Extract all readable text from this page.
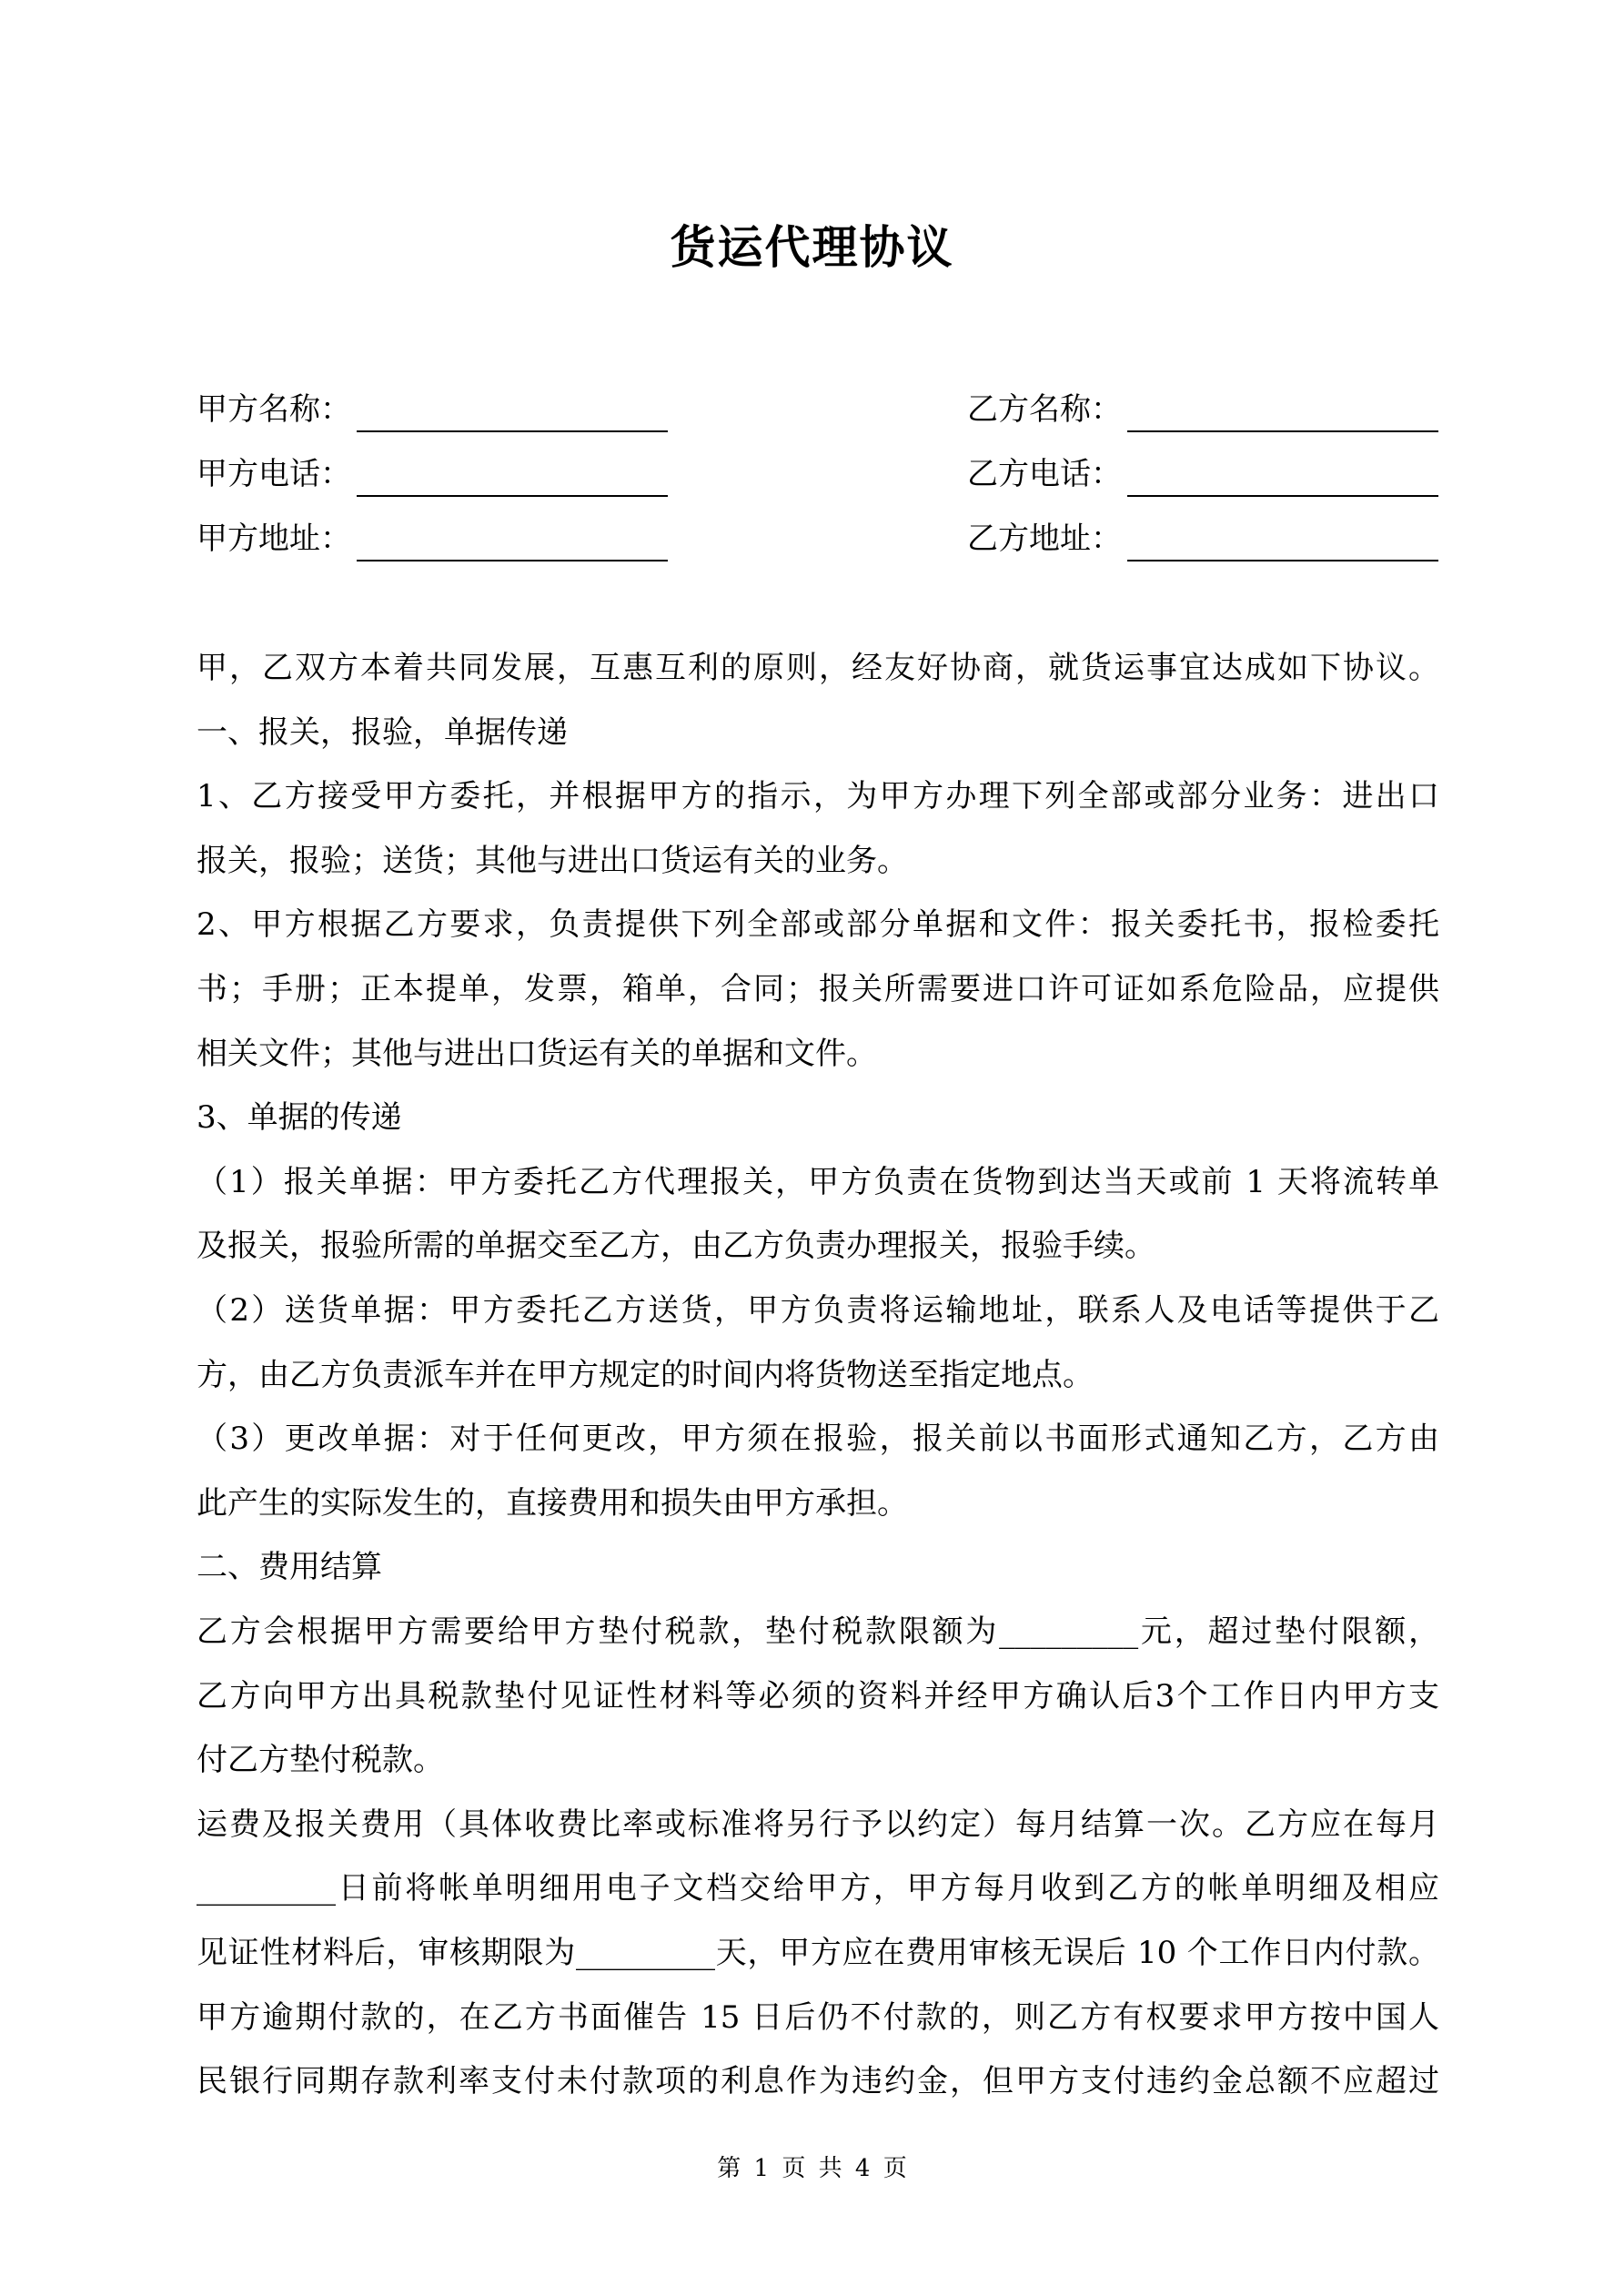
货运代理协议
甲方名称：
甲方电话：
甲方地址：
乙方名称：
乙方电话：
乙方地址：
甲，乙双方本着共同发展，互惠互利的原则，经友好协商，就货运事宜达成如下协议。
一、报关，报验，单据传递
1、乙方接受甲方委托，并根据甲方的指示，为甲方办理下列全部或部分业务：进出口
报关，报验；送货；其他与进出口货运有关的业务。
2、甲方根据乙方要求，负责提供下列全部或部分单据和文件：报关委托书，报检委托
书；手册；正本提单，发票，箱单，合同；报关所需要进口许可证如系危险品，应提供
相关文件；其他与进出口货运有关的单据和文件。
3、单据的传递
（1）报关单据：甲方委托乙方代理报关，甲方负责在货物到达当天或前 1 天将流转单
及报关，报验所需的单据交至乙方，由乙方负责办理报关，报验手续。
（2）送货单据：甲方委托乙方送货，甲方负责将运输地址，联系人及电话等提供于乙
方，由乙方负责派车并在甲方规定的时间内将货物送至指定地点。
（3）更改单据：对于任何更改，甲方须在报验，报关前以书面形式通知乙方，乙方由
此产生的实际发生的，直接费用和损失由甲方承担。
二、费用结算
乙方会根据甲方需要给甲方垫付税款，垫付税款限额为_________元，超过垫付限额，
乙方向甲方出具税款垫付见证性材料等必须的资料并经甲方确认后3个工作日内甲方支
付乙方垫付税款。
运费及报关费用（具体收费比率或标准将另行予以约定）每月结算一次。乙方应在每月
_________日前将帐单明细用电子文档交给甲方，甲方每月收到乙方的帐单明细及相应
见证性材料后，审核期限为_________天，甲方应在费用审核无误后 10 个工作日内付款。
甲方逾期付款的，在乙方书面催告 15 日后仍不付款的，则乙方有权要求甲方按中国人
民银行同期存款利率支付未付款项的利息作为违约金，但甲方支付违约金总额不应超过
第 1 页 共 4 页
